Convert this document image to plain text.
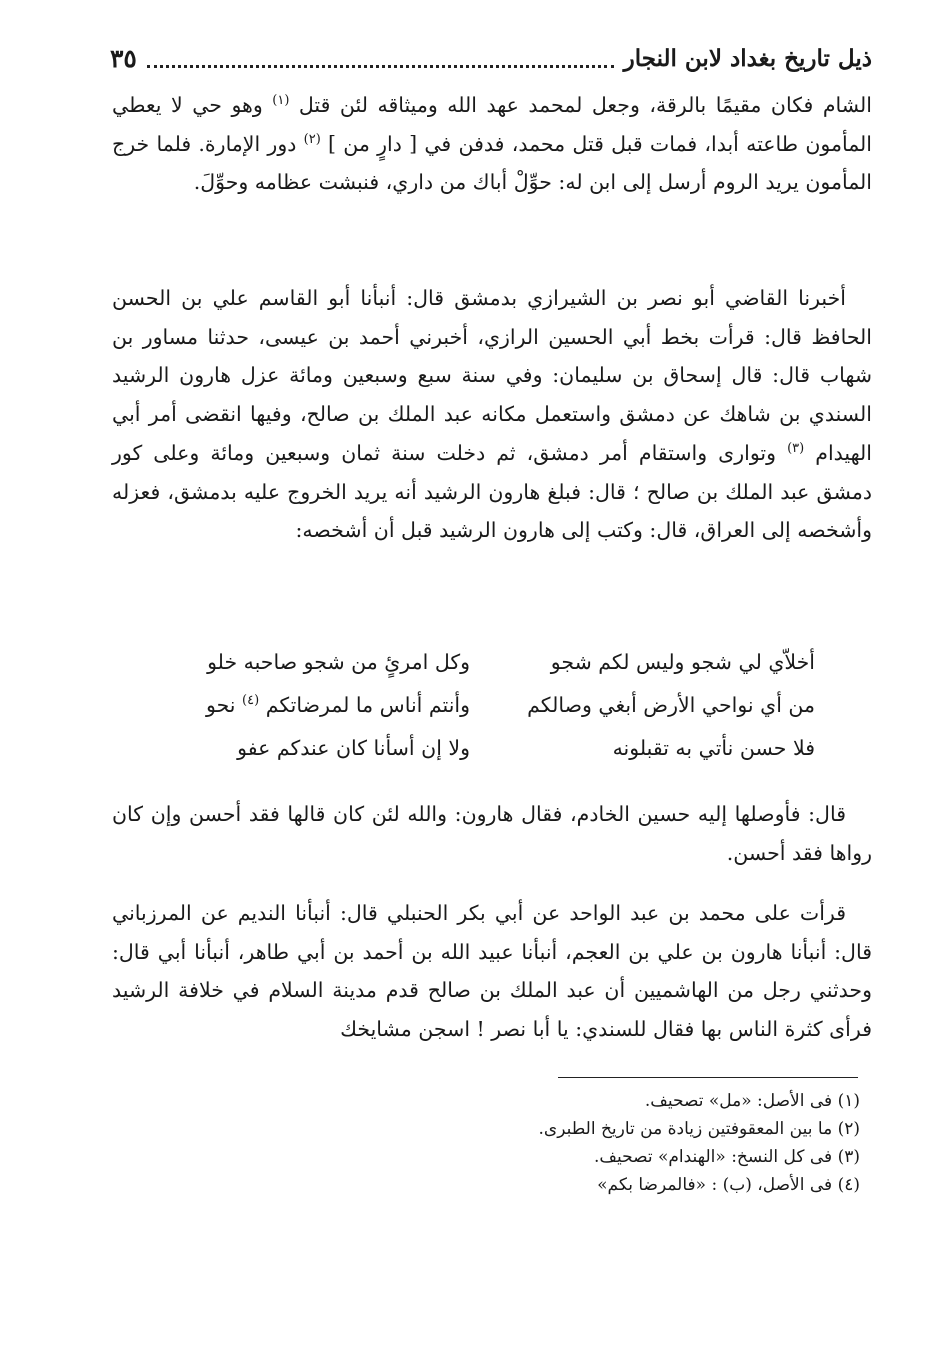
ذيل تاريخ بغداد لابن النجار
٣٥

الشام فكان مقيمًا بالرقة، وجعل لمحمد عهد الله وميثاقه لئن قتل $^{(١)}$ وهو حي لا يعطي المأمون طاعته أبدا، فمات قبل قتل محمد، فدفن في [ دارٍ من ] $^{(٢)}$ دور الإمارة. فلما خرج المأمون يريد الروم أرسل إلى ابن له: حوِّلْ أباك من داري، فنبشت عظامه وحوِّلَ.

أخبرنا القاضي أبو نصر بن الشيرازي بدمشق قال: أنبأنا أبو القاسم علي بن الحسن الحافظ قال: قرأت بخط أبي الحسين الرازي، أخبرني أحمد بن عيسى، حدثنا مساور بن شهاب قال: قال إسحاق بن سليمان: وفي سنة سبع وسبعين ومائة عزل هارون الرشيد السندي بن شاهك عن دمشق واستعمل مكانه عبد الملك بن صالح، وفيها انقضى أمر أبي الهيدام $^{(٣)}$ وتوارى واستقام أمر دمشق، ثم دخلت سنة ثمان وسبعين ومائة وعلى كور دمشق عبد الملك بن صالح ؛ قال: فبلغ هارون الرشيد أنه يريد الخروج عليه بدمشق، فعزله وأشخصه إلى العراق، قال: وكتب إلى هارون الرشيد قبل أن أشخصه:

أخلاّي لي شجو وليس لكم شجو
وكل امرئٍ من شجو صاحبه خلو
من أي نواحي الأرض أبغي وصالكم
وأنتم أناس ما لمرضاتكم $^{(٤)}$ نحو
فلا حسن نأتي به تقبلونه
ولا إن أسأنا كان عندكم عفو

قال: فأوصلها إليه حسين الخادم، فقال هارون: والله لئن كان قالها فقد أحسن وإن كان رواها فقد أحسن.

قرأت على محمد بن عبد الواحد عن أبي بكر الحنبلي قال: أنبأنا النديم عن المرزباني قال: أنبأنا هارون بن علي بن العجم، أنبأنا عبيد الله بن أحمد بن أبي طاهر، أنبأنا أبي قال: وحدثني رجل من الهاشميين أن عبد الملك بن صالح قدم مدينة السلام في خلافة الرشيد فرأى كثرة الناس بها فقال للسندي: يا أبا نصر ! اسجن مشايخك

(١) فى الأصل: «مل» تصحيف.
(٢) ما بين المعقوفتين زيادة من تاريخ الطبرى.
(٣) فى كل النسخ: «الهندام» تصحيف.
(٤) فى الأصل، (ب) : «فالمرضا بكم»
